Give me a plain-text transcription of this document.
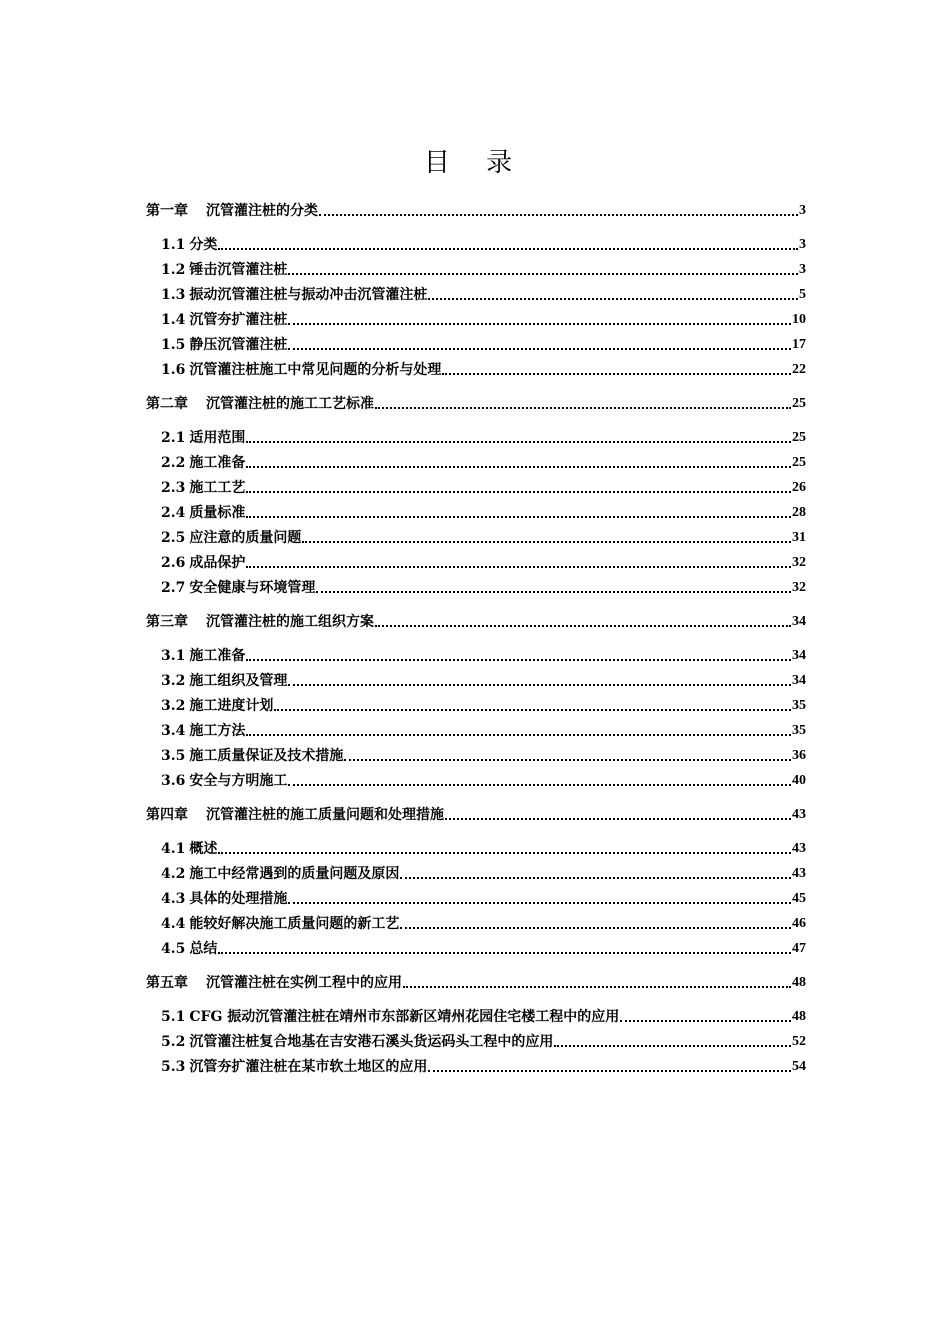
目 录
第一章 沉管灌注桩的分类	3
1.1 分类	3
1.2 锤击沉管灌注桩	3
1.3 振动沉管灌注桩与振动冲击沉管灌注桩	5
1.4 沉管夯扩灌注桩	10
1.5 静压沉管灌注桩	17
1.6 沉管灌注桩施工中常见问题的分析与处理	22
第二章 沉管灌注桩的施工工艺标准	25
2.1 适用范围	25
2.2 施工准备	25
2.3 施工工艺	26
2.4 质量标准	28
2.5 应注意的质量问题	31
2.6 成品保护	32
2.7 安全健康与环境管理	32
第三章 沉管灌注桩的施工组织方案	34
3.1 施工准备	34
3.2 施工组织及管理	34
3.2 施工进度计划	35
3.4 施工方法	35
3.5 施工质量保证及技术措施	36
3.6 安全与方明施工	40
第四章 沉管灌注桩的施工质量问题和处理措施	43
4.1 概述	43
4.2 施工中经常遇到的质量问题及原因	43
4.3 具体的处理措施	45
4.4 能较好解决施工质量问题的新工艺	46
4.5 总结	47
第五章 沉管灌注桩在实例工程中的应用	48
5.1 CFG 振动沉管灌注桩在靖州市东部新区靖州花园住宅楼工程中的应用	48
5.2 沉管灌注桩复合地基在吉安港石溪头货运码头工程中的应用	52
5.3 沉管夯扩灌注桩在某市软土地区的应用	54
